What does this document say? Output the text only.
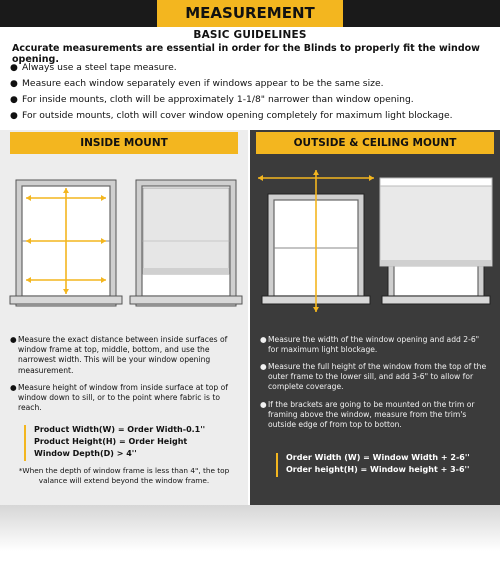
MEASUREMENT
BASIC GUIDELINES
Accurate measurements are essential in order for the Blinds to properly fit the window opening.
● Always use a steel tape measure.
● Measure each window separately even if windows appear to be the same size.
● For inside mounts, cloth will be approximately 1-1/8" narrower than window opening.
● For outside mounts, cloth will cover window opening completely for maximum light blockage.
INSIDE MOUNT	OUTSIDE & CEILING MOUNT
● Measure the exact distance between inside surfaces of window frame at top, middle, bottom, and use the narrowest width. This will be your window opening measurement.
● Measure height of window from inside surface at top of window down to sill, or to the point where fabric is to reach.
Product Width(W) = Order Width-0.1''
Product Height(H) = Order Height
Window Depth(D) > 4''
*When the depth of window frame is less than 4", the top valance will extend beyond the window frame.
● Measure the width of the window opening and add 2-6" for maximum light blockage.
● Measure the full height of the window from the top of the outer frame to the lower sill, and add 3-6" to allow for complete coverage.
● If the brackets are going to be mounted on the trim or framing above the window, measure from the trim's outside edge of from top to botton.
Order Width (W) = Window Width + 2-6''
Order height(H) = Window height + 3-6''
